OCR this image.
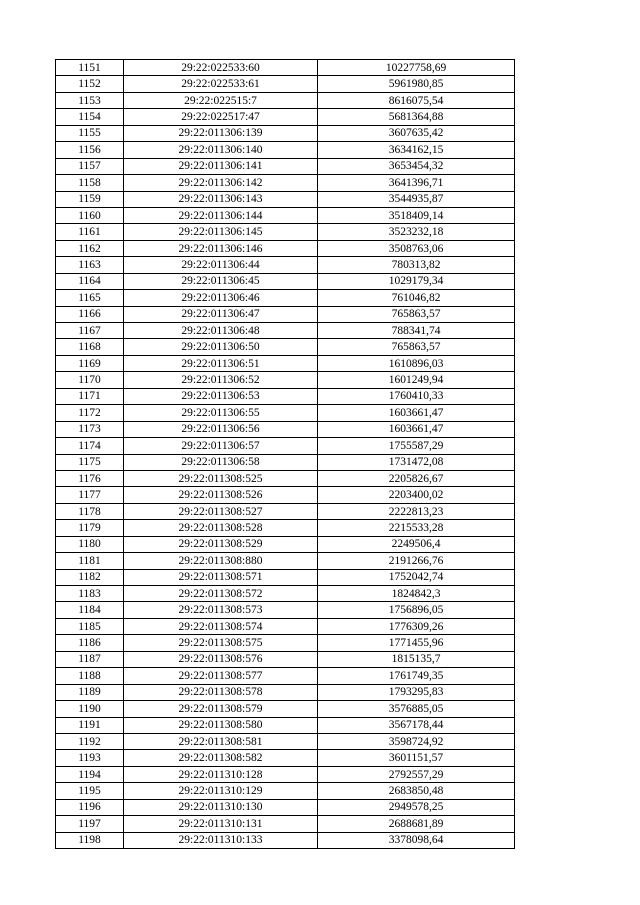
1151	29:22:022533:60	10227758,69
1152	29:22:022533:61	5961980,85
1153	29:22:022515:7	8616075,54
1154	29:22:022517:47	5681364,88
1155	29:22:011306:139	3607635,42
1156	29:22:011306:140	3634162,15
1157	29:22:011306:141	3653454,32
1158	29:22:011306:142	3641396,71
1159	29:22:011306:143	3544935,87
1160	29:22:011306:144	3518409,14
1161	29:22:011306:145	3523232,18
1162	29:22:011306:146	3508763,06
1163	29:22:011306:44	780313,82
1164	29:22:011306:45	1029179,34
1165	29:22:011306:46	761046,82
1166	29:22:011306:47	765863,57
1167	29:22:011306:48	788341,74
1168	29:22:011306:50	765863,57
1169	29:22:011306:51	1610896,03
1170	29:22:011306:52	1601249,94
1171	29:22:011306:53	1760410,33
1172	29:22:011306:55	1603661,47
1173	29:22:011306:56	1603661,47
1174	29:22:011306:57	1755587,29
1175	29:22:011306:58	1731472,08
1176	29:22:011308:525	2205826,67
1177	29:22:011308:526	2203400,02
1178	29:22:011308:527	2222813,23
1179	29:22:011308:528	2215533,28
1180	29:22:011308:529	2249506,4
1181	29:22:011308:880	2191266,76
1182	29:22:011308:571	1752042,74
1183	29:22:011308:572	1824842,3
1184	29:22:011308:573	1756896,05
1185	29:22:011308:574	1776309,26
1186	29:22:011308:575	1771455,96
1187	29:22:011308:576	1815135,7
1188	29:22:011308:577	1761749,35
1189	29:22:011308:578	1793295,83
1190	29:22:011308:579	3576885,05
1191	29:22:011308:580	3567178,44
1192	29:22:011308:581	3598724,92
1193	29:22:011308:582	3601151,57
1194	29:22:011310:128	2792557,29
1195	29:22:011310:129	2683850,48
1196	29:22:011310:130	2949578,25
1197	29:22:011310:131	2688681,89
1198	29:22:011310:133	3378098,64
